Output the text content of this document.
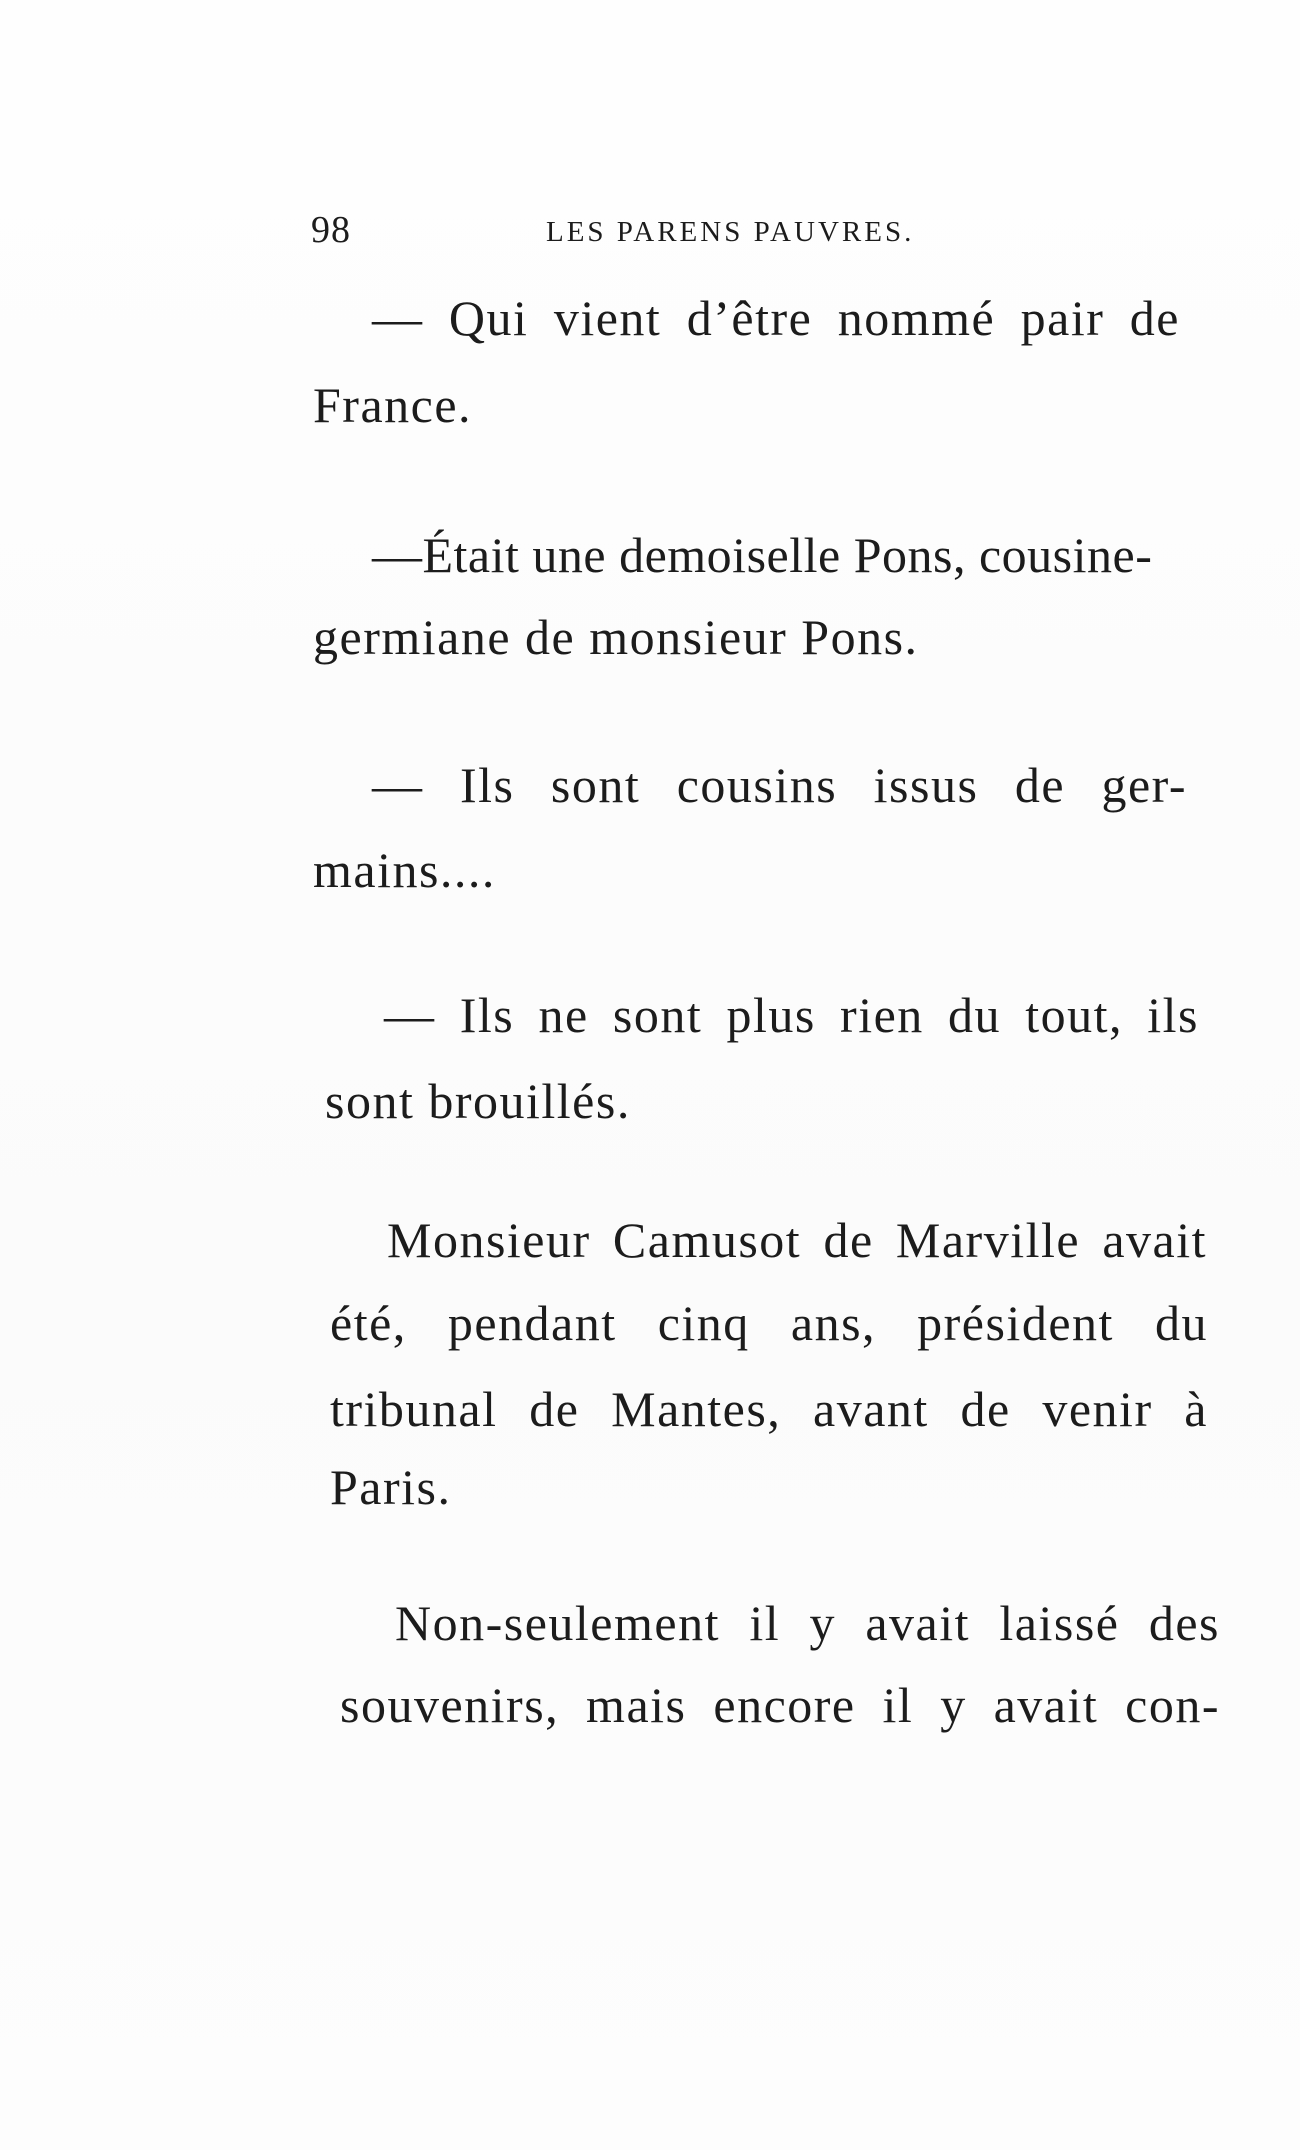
98	LES PARENS PAUVRES.
— Qui vient d’être nommé pair de
France.
—Était une demoiselle Pons, cousine-
germiane de monsieur Pons.
— Ils sont cousins issus de ger-
mains....
— Ils ne sont plus rien du tout, ils
sont brouillés.
Monsieur Camusot de Marville avait
été, pendant cinq ans, président du
tribunal de Mantes, avant de venir à
Paris.
Non-seulement il y avait laissé des
souvenirs, mais encore il y avait con-
